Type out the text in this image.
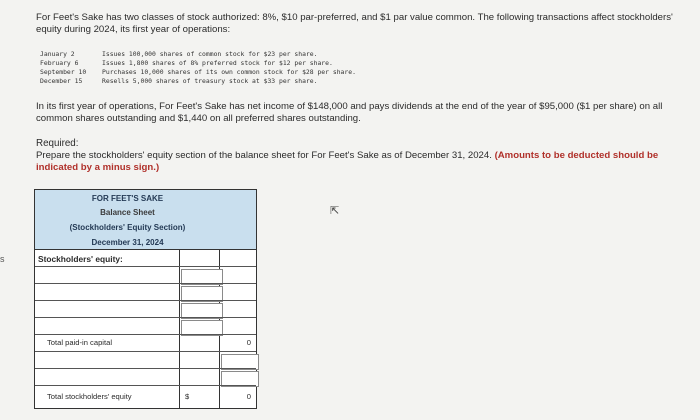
s
For Feet's Sake has two classes of stock authorized: 8%, $10 par-preferred, and $1 par value common. The following transactions affect stockholders' equity during 2024, its first year of operations:
January 2	Issues 100,000 shares of common stock for $23 per share.
February 6	Issues 1,800 shares of 8% preferred stock for $12 per share.
September 10	Purchases 10,000 shares of its own common stock for $28 per share.
December 15	Resells 5,000 shares of treasury stock at $33 per share.
In its first year of operations, For Feet's Sake has net income of $148,000 and pays dividends at the end of the year of $95,000 ($1 per share) on all common shares outstanding and $1,440 on all preferred shares outstanding.
Required:
Prepare the stockholders' equity section of the balance sheet for For Feet's Sake as of December 31, 2024. (Amounts to be deducted should be indicated by a minus sign.)
FOR FEET'S SAKE
Balance Sheet
(Stockholders' Equity Section)
December 31, 2024
Stockholders' equity:
Total paid-in capital	0
Total stockholders' equity	$	0
⇱
